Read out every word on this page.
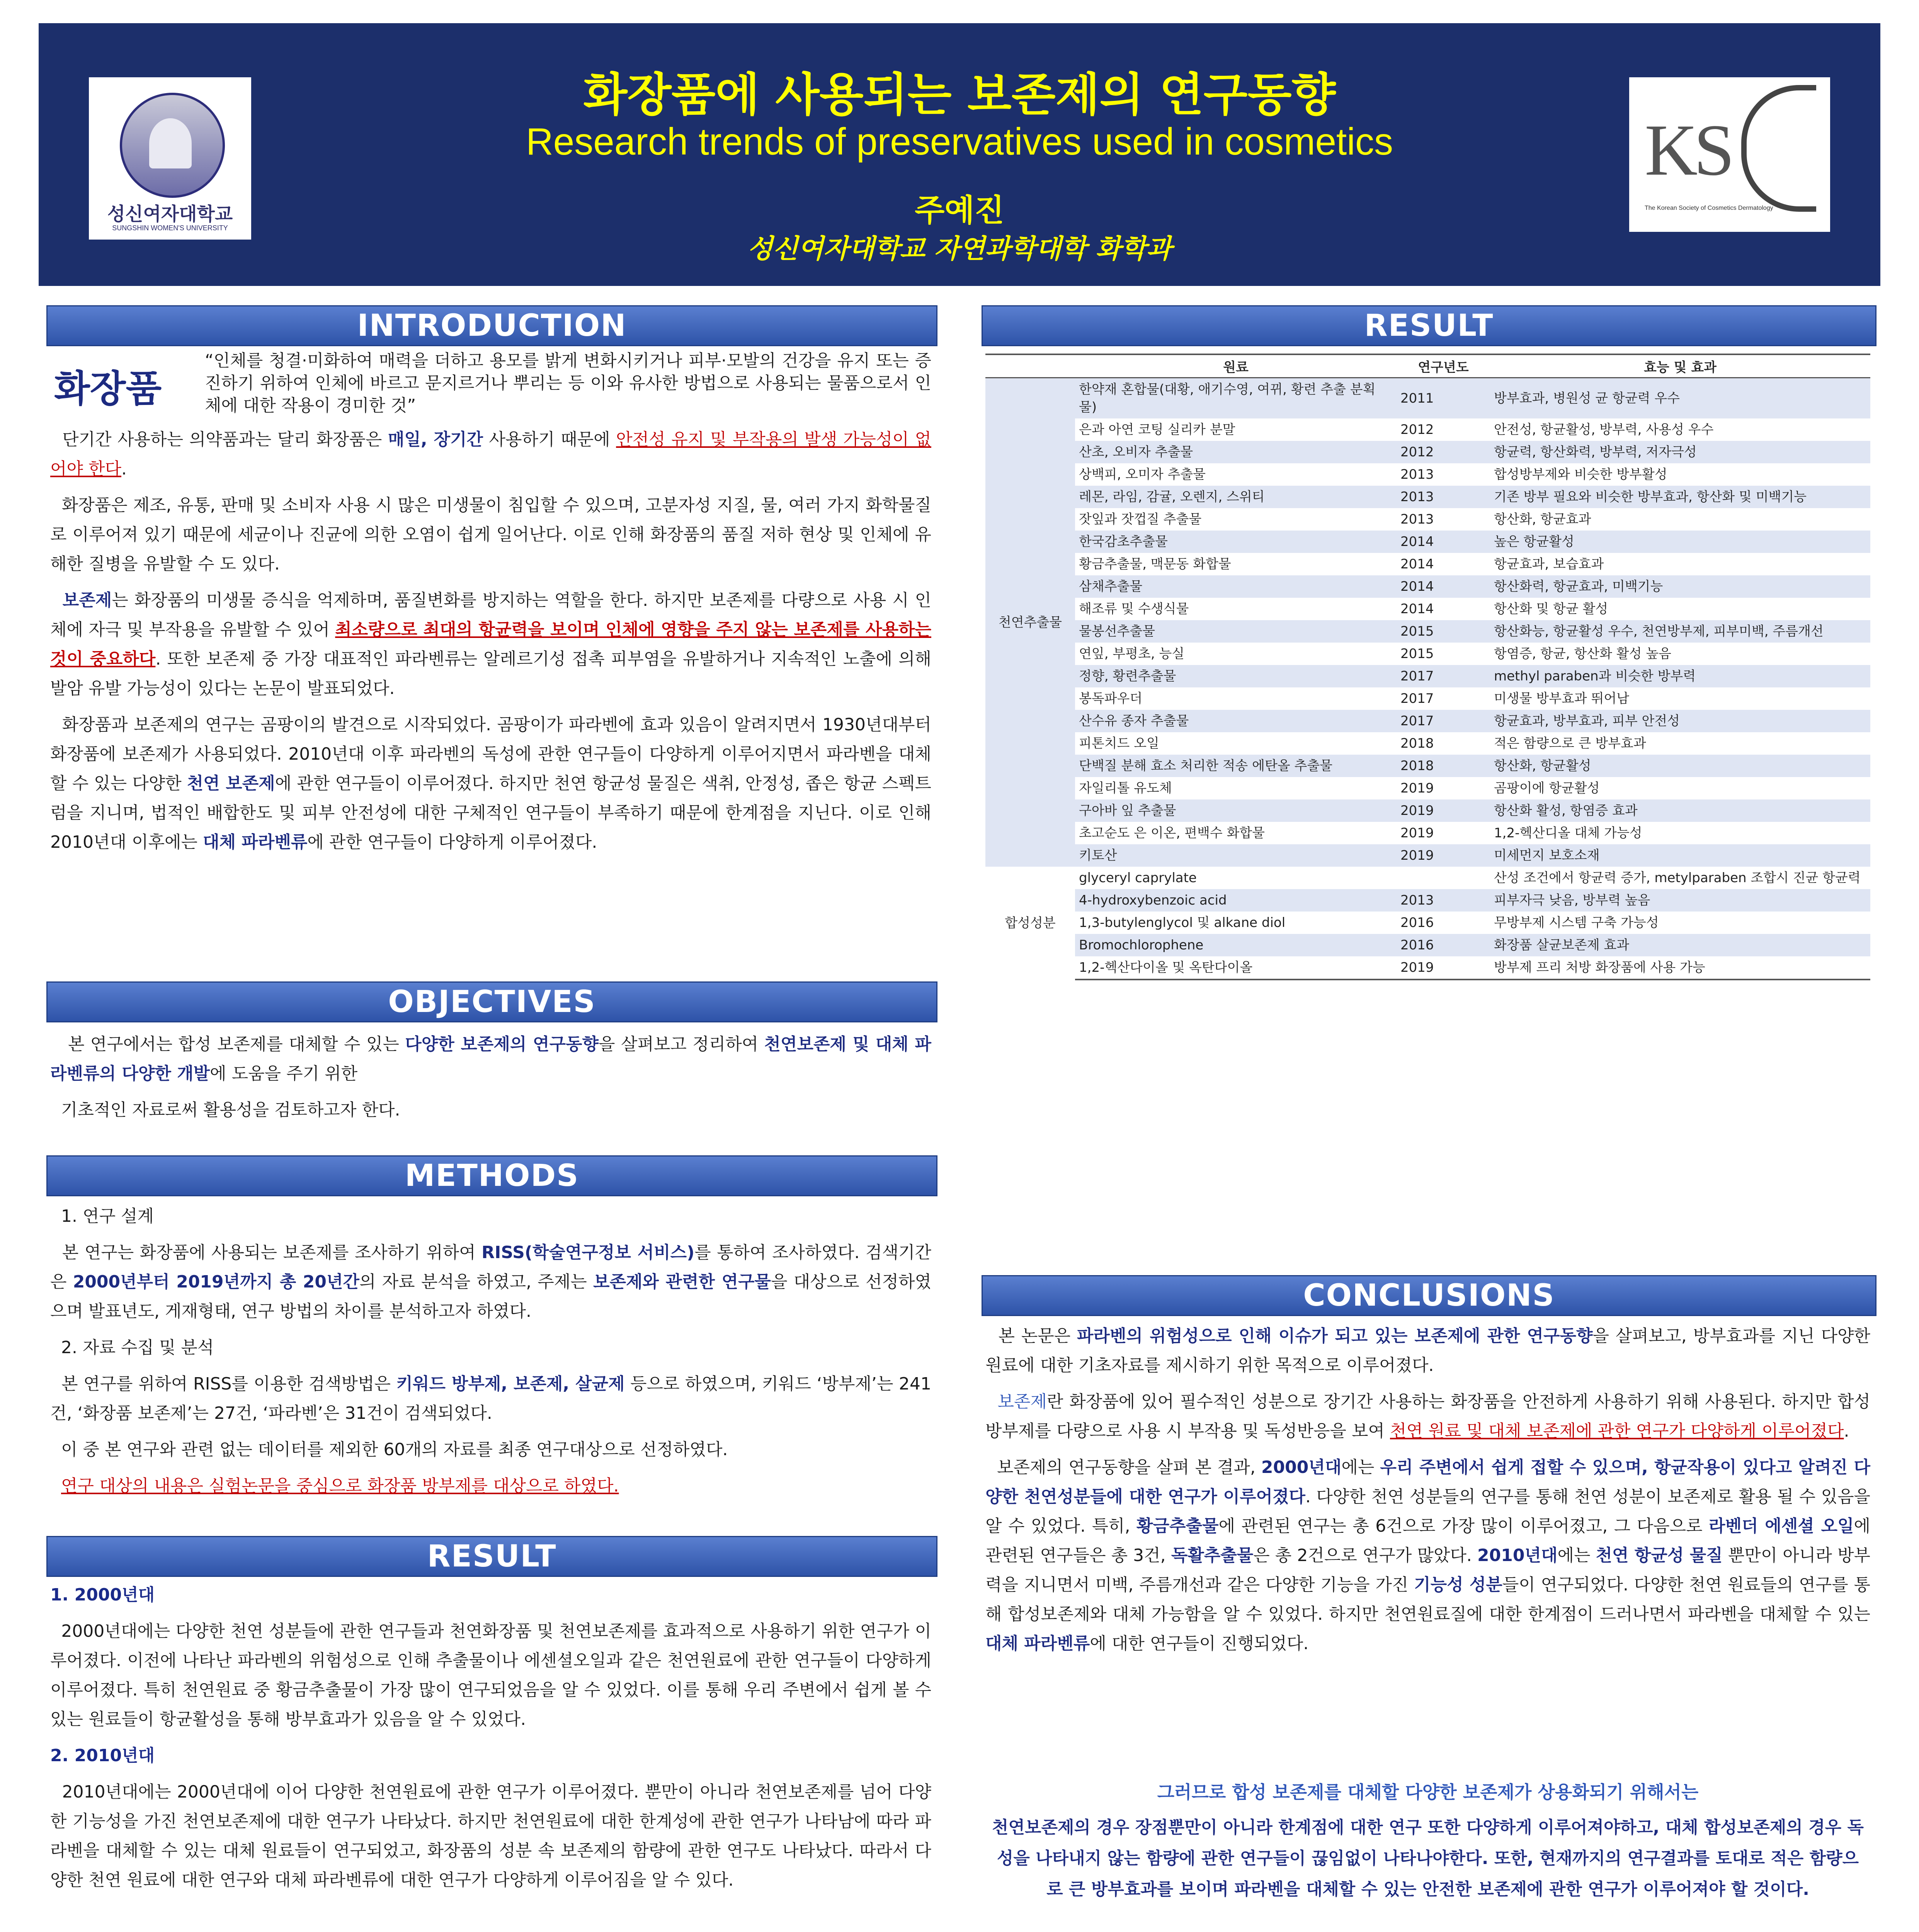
성신여자대학교
SUNGSHIN WOMEN'S UNIVERSITY
화장품에 사용되는 보존제의 연구동향
Research trends of preservatives used in cosmetics
주예진
성신여자대학교 자연과학대학 화학과
KS
The Korean Society of Cosmetics Dermatology
INTRODUCTION
화장품
“인체를 청결·미화하여 매력을 더하고 용모를 밝게 변화시키거나 피부·모발의 건강을 유지 또는 증진하기 위하여 인체에 바르고 문지르거나 뿌리는 등 이와 유사한 방법으로 사용되는 물품으로서 인체에 대한 작용이 경미한 것”

단기간 사용하는 의약품과는 달리 화장품은 매일, 장기간 사용하기 때문에 안전성 유지 및 부작용의 발생 가능성이 없어야 한다.

화장품은 제조, 유통, 판매 및 소비자 사용 시 많은 미생물이 침입할 수 있으며, 고분자성 지질, 물, 여러 가지 화학물질로 이루어져 있기 때문에 세균이나 진균에 의한 오염이 쉽게 일어난다. 이로 인해 화장품의 품질 저하 현상 및 인체에 유해한 질병을 유발할 수 도 있다.

보존제는 화장품의 미생물 증식을 억제하며, 품질변화를 방지하는 역할을 한다. 하지만 보존제를 다량으로 사용 시 인체에 자극 및 부작용을 유발할 수 있어 최소량으로 최대의 항균력을 보이며 인체에 영향을 주지 않는 보존제를 사용하는 것이 중요하다. 또한 보존제 중 가장 대표적인 파라벤류는 알레르기성 접촉 피부염을 유발하거나 지속적인 노출에 의해 발암 유발 가능성이 있다는 논문이 발표되었다.

화장품과 보존제의 연구는 곰팡이의 발견으로 시작되었다. 곰팡이가 파라벤에 효과 있음이 알려지면서 1930년대부터 화장품에 보존제가 사용되었다. 2010년대 이후 파라벤의 독성에 관한 연구들이 다양하게 이루어지면서 파라벤을 대체할 수 있는 다양한 천연 보존제에 관한 연구들이 이루어졌다. 하지만 천연 항균성 물질은 색취, 안정성, 좁은 항균 스펙트럼을 지니며, 법적인 배합한도 및 피부 안전성에 대한 구체적인 연구들이 부족하기 때문에 한계점을 지닌다. 이로 인해 2010년대 이후에는 대체 파라벤류에 관한 연구들이 다양하게 이루어졌다.

OBJECTIVES

본 연구에서는 합성 보존제를 대체할 수 있는 다양한 보존제의 연구동향을 살펴보고 정리하여 천연보존제 및 대체 파라벤류의 다양한 개발에 도움을 주기 위한

기초적인 자료로써 활용성을 검토하고자 한다.

METHODS

1. 연구 설계

본 연구는 화장품에 사용되는 보존제를 조사하기 위하여 RISS(학술연구정보 서비스)를 통하여 조사하였다. 검색기간은 2000년부터 2019년까지 총 20년간의 자료 분석을 하였고, 주제는 보존제와 관련한 연구물을 대상으로 선정하였으며 발표년도, 게재형태, 연구 방법의 차이를 분석하고자 하였다.

2. 자료 수집 및 분석

본 연구를 위하여 RISS를 이용한 검색방법은 키워드 방부제, 보존제, 살균제 등으로 하였으며, 키워드 ‘방부제’는 241건, ‘화장품 보존제’는 27건, ‘파라벤’은 31건이 검색되었다.

이 중 본 연구와 관련 없는 데이터를 제외한 60개의 자료를 최종 연구대상으로 선정하였다.

연구 대상의 내용은 실험논문을 중심으로 화장품 방부제를 대상으로 하였다.

RESULT

1. 2000년대

2000년대에는 다양한 천연 성분들에 관한 연구들과 천연화장품 및 천연보존제를 효과적으로 사용하기 위한 연구가 이루어졌다. 이전에 나타난 파라벤의 위험성으로 인해 추출물이나 에센셜오일과 같은 천연원료에 관한 연구들이 다양하게 이루어졌다. 특히 천연원료 중 황금추출물이 가장 많이 연구되었음을 알 수 있었다. 이를 통해 우리 주변에서 쉽게 볼 수 있는 원료들이 항균활성을 통해 방부효과가 있음을 알 수 있었다.

2. 2010년대

2010년대에는 2000년대에 이어 다양한 천연원료에 관한 연구가 이루어졌다. 뿐만이 아니라 천연보존제를 넘어 다양한 기능성을 가진 천연보존제에 대한 연구가 나타났다. 하지만 천연원료에 대한 한계성에 관한 연구가 나타남에 따라 파라벤을 대체할 수 있는 대체 원료들이 연구되었고, 화장품의 성분 속 보존제의 함량에 관한 연구도 나타났다. 따라서 다양한 천연 원료에 대한 연구와 대체 파라벤류에 대한 연구가 다양하게 이루어짐을 알 수 있다.

RESULT
	원료	연구년도	효능 및 효과
천연추출물	한약재 혼합물(대황, 애기수영, 여뀌, 황련 추출 분획물)	2011	방부효과, 병원성 균 항균력 우수
	은과 아연 코팅 실리카 분말	2012	안전성, 항균활성, 방부력, 사용성 우수
	산초, 오비자 추출물	2012	항균력, 항산화력, 방부력, 저자극성
	상백피, 오미자 추출물	2013	합성방부제와 비슷한 방부활성
	레몬, 라임, 감귤, 오렌지, 스위티	2013	기존 방부 필요와 비슷한 방부효과, 항산화 및 미백기능
	잣잎과 잣껍질 추출물	2013	항산화, 항균효과
	한국감초추출물	2014	높은 항균활성
	황금추출물, 맥문동 화합물	2014	항균효과, 보습효과
	삼채추출물	2014	항산화력, 항균효과, 미백기능
	해조류 및 수생식물	2014	항산화 및 항균 활성
	물봉선추출물	2015	항산화능, 항균활성 우수, 천연방부제, 피부미백, 주름개선
	연잎, 부평초, 능실	2015	항염증, 항균, 항산화 활성 높음
	정향, 황련추출물	2017	methyl paraben과 비슷한 방부력
	봉독파우더	2017	미생물 방부효과 뛰어남
	산수유 종자 추출물	2017	항균효과, 방부효과, 피부 안전성
	피톤치드 오일	2018	적은 함량으로 큰 방부효과
	단백질 분해 효소 처리한 적송 에탄올 추출물	2018	항산화, 항균활성
	자일리톨 유도체	2019	곰팡이에 항균활성
	구아바 잎 추출물	2019	항산화 활성, 항염증 효과
	초고순도 은 이온, 편백수 화합물	2019	1,2-헥산디올 대체 가능성
	키토산	2019	미세먼지 보호소재
합성성분	glyceryl caprylate		산성 조건에서 항균력 증가, metylparaben 조합시 진균 항균력
	4-hydroxybenzoic acid	2013	피부자극 낮음, 방부력 높음
	1,3-butylenglycol 및 alkane diol	2016	무방부제 시스템 구축 가능성
	Bromochlorophene	2016	화장품 살균보존제 효과
	1,2-헥산다이올 및 옥탄다이올	2019	방부제 프리 처방 화장품에 사용 가능
CONCLUSIONS

본 논문은 파라벤의 위험성으로 인해 이슈가 되고 있는 보존제에 관한 연구동향을 살펴보고, 방부효과를 지닌 다양한 원료에 대한 기초자료를 제시하기 위한 목적으로 이루어졌다.

보존제란 화장품에 있어 필수적인 성분으로 장기간 사용하는 화장품을 안전하게 사용하기 위해 사용된다. 하지만 합성 방부제를 다량으로 사용 시 부작용 및 독성반응을 보여 천연 원료 및 대체 보존제에 관한 연구가 다양하게 이루어졌다.

보존제의 연구동향을 살펴 본 결과, 2000년대에는 우리 주변에서 쉽게 접할 수 있으며, 항균작용이 있다고 알려진 다양한 천연성분들에 대한 연구가 이루어졌다. 다양한 천연 성분들의 연구를 통해 천연 성분이 보존제로 활용 될 수 있음을 알 수 있었다. 특히, 황금추출물에 관련된 연구는 총 6건으로 가장 많이 이루어졌고, 그 다음으로 라벤더 에센셜 오일에 관련된 연구들은 총 3건, 독활추출물은 총 2건으로 연구가 많았다. 2010년대에는 천연 항균성 물질 뿐만이 아니라 방부력을 지니면서 미백, 주름개선과 같은 다양한 기능을 가진 기능성 성분들이 연구되었다. 다양한 천연 원료들의 연구를 통해 합성보존제와 대체 가능함을 알 수 있었다. 하지만 천연원료질에 대한 한계점이 드러나면서 파라벤을 대체할 수 있는 대체 파라벤류에 대한 연구들이 진행되었다.

그러므로 합성 보존제를 대체할 다양한 보존제가 상용화되기 위해서는
천연보존제의 경우 장점뿐만이 아니라 한계점에 대한 연구 또한 다양하게 이루어져야하고, 대체 합성보존제의 경우 독성을 나타내지 않는 함량에 관한 연구들이 끊임없이 나타나야한다. 또한, 현재까지의 연구결과를 토대로 적은 함량으로 큰 방부효과를 보이며 파라벤을 대체할 수 있는 안전한 보존제에 관한 연구가 이루어져야 할 것이다.
